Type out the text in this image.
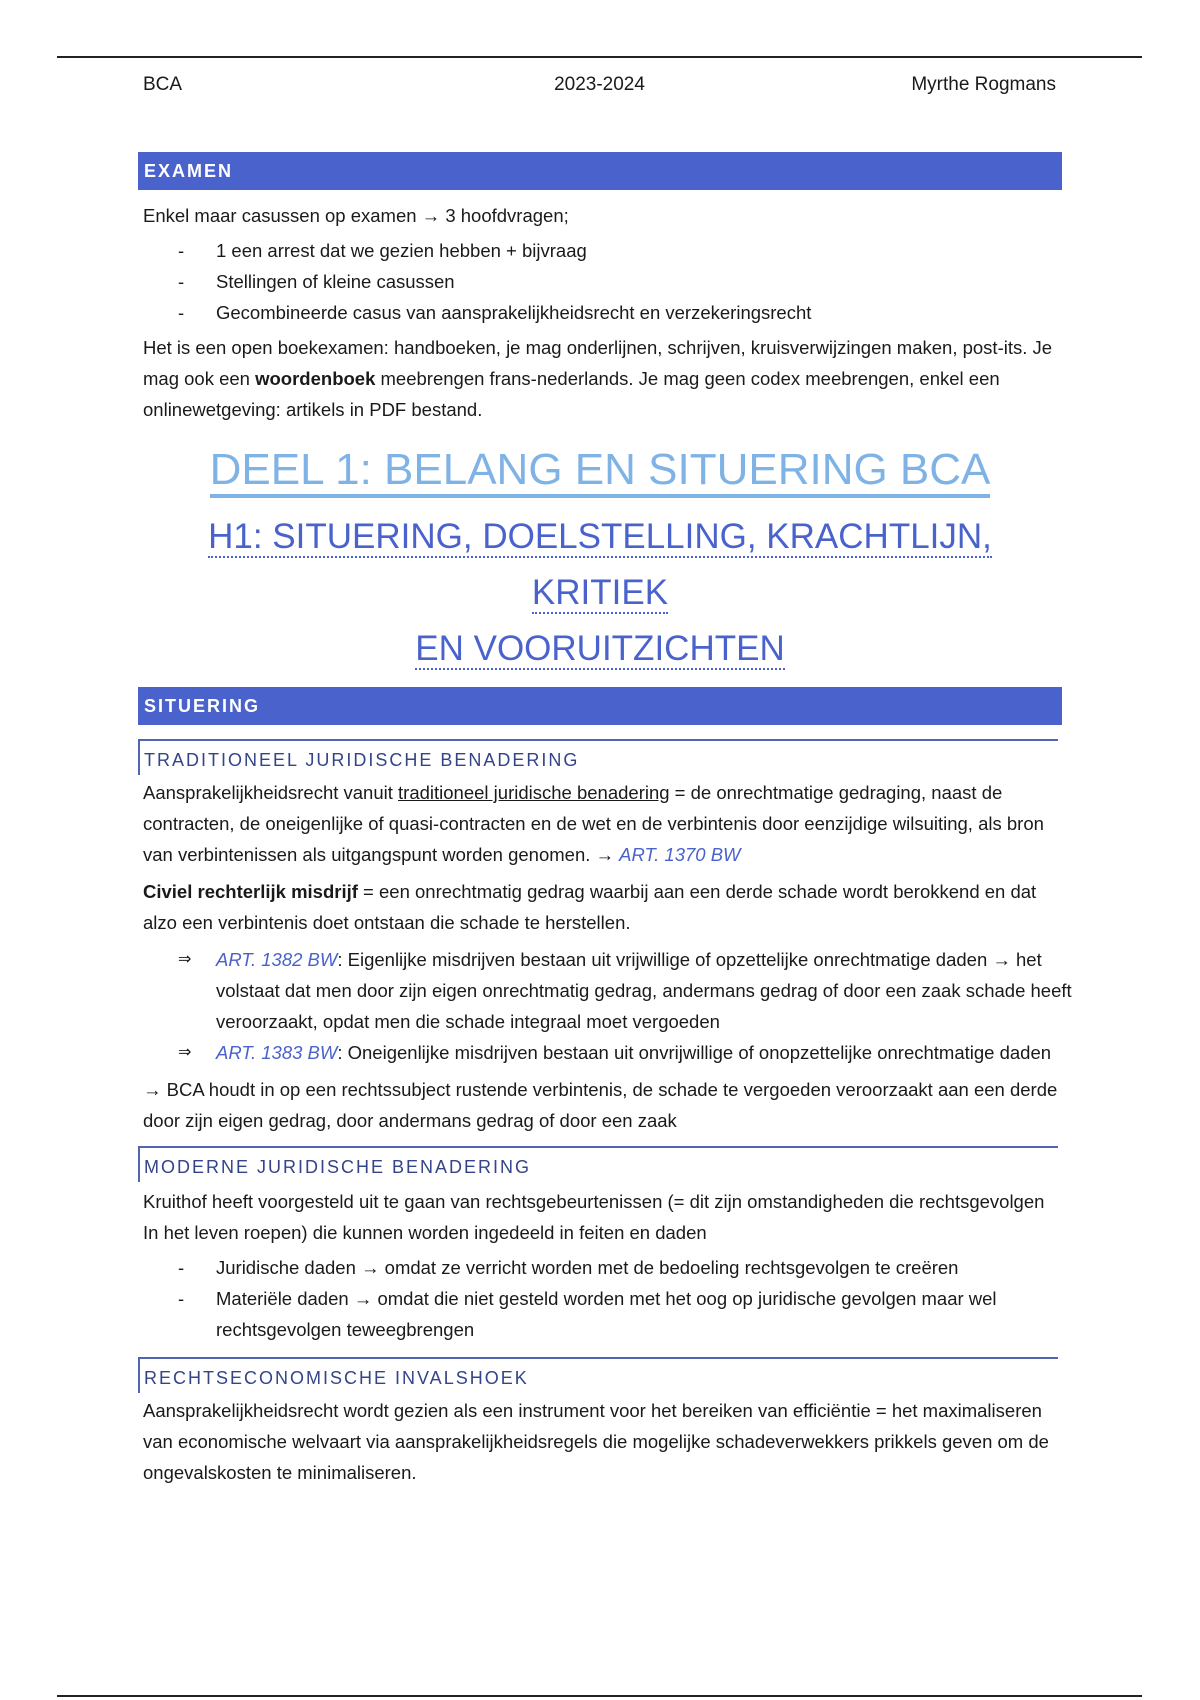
BCA	2023-2024	Myrthe Rogmans
EXAMEN

Enkel maar casussen op examen → 3 hoofdvragen;

- 1 een arrest dat we gezien hebben + bijvraag
- Stellingen of kleine casussen
- Gecombineerde casus van aansprakelijkheidsrecht en verzekeringsrecht

Het is een open boekexamen: handboeken, je mag onderlijnen, schrijven, kruisverwijzingen maken, post-its. Je mag ook een woordenboek meebrengen frans-nederlands. Je mag geen codex meebrengen, enkel een onlinewetgeving: artikels in PDF bestand.

DEEL 1: BELANG EN SITUERING BCA
H1: SITUERING, DOELSTELLING, KRACHTLIJN, KRITIEK
EN VOORUITZICHTEN
SITUERING
TRADITIONEEL JURIDISCHE BENADERING

Aansprakelijkheidsrecht vanuit traditioneel juridische benadering = de onrechtmatige gedraging, naast de contracten, de oneigenlijke of quasi-contracten en de wet en de verbintenis door eenzijdige wilsuiting, als bron van verbintenissen als uitgangspunt worden genomen. → ART. 1370 BW

Civiel rechterlijk misdrijf = een onrechtmatig gedrag waarbij aan een derde schade wordt berokkend en dat alzo een verbintenis doet ontstaan die schade te herstellen.

⇒ ART. 1382 BW: Eigenlijke misdrijven bestaan uit vrijwillige of opzettelijke onrechtmatige daden → het volstaat dat men door zijn eigen onrechtmatig gedrag, andermans gedrag of door een zaak schade heeft veroorzaakt, opdat men die schade integraal moet vergoeden
⇒ ART. 1383 BW: Oneigenlijke misdrijven bestaan uit onvrijwillige of onopzettelijke onrechtmatige daden

→ BCA houdt in op een rechtssubject rustende verbintenis, de schade te vergoeden veroorzaakt aan een derde door zijn eigen gedrag, door andermans gedrag of door een zaak

MODERNE JURIDISCHE BENADERING

Kruithof heeft voorgesteld uit te gaan van rechtsgebeurtenissen (= dit zijn omstandigheden die rechtsgevolgen In het leven roepen) die kunnen worden ingedeeld in feiten en daden

- Juridische daden → omdat ze verricht worden met de bedoeling rechtsgevolgen te creëren
- Materiële daden → omdat die niet gesteld worden met het oog op juridische gevolgen maar wel rechtsgevolgen teweegbrengen
RECHTSECONOMISCHE INVALSHOEK

Aansprakelijkheidsrecht wordt gezien als een instrument voor het bereiken van efficiëntie = het maximaliseren van economische welvaart via aansprakelijkheidsregels die mogelijke schadeverwekkers prikkels geven om de ongevalskosten te minimaliseren.
